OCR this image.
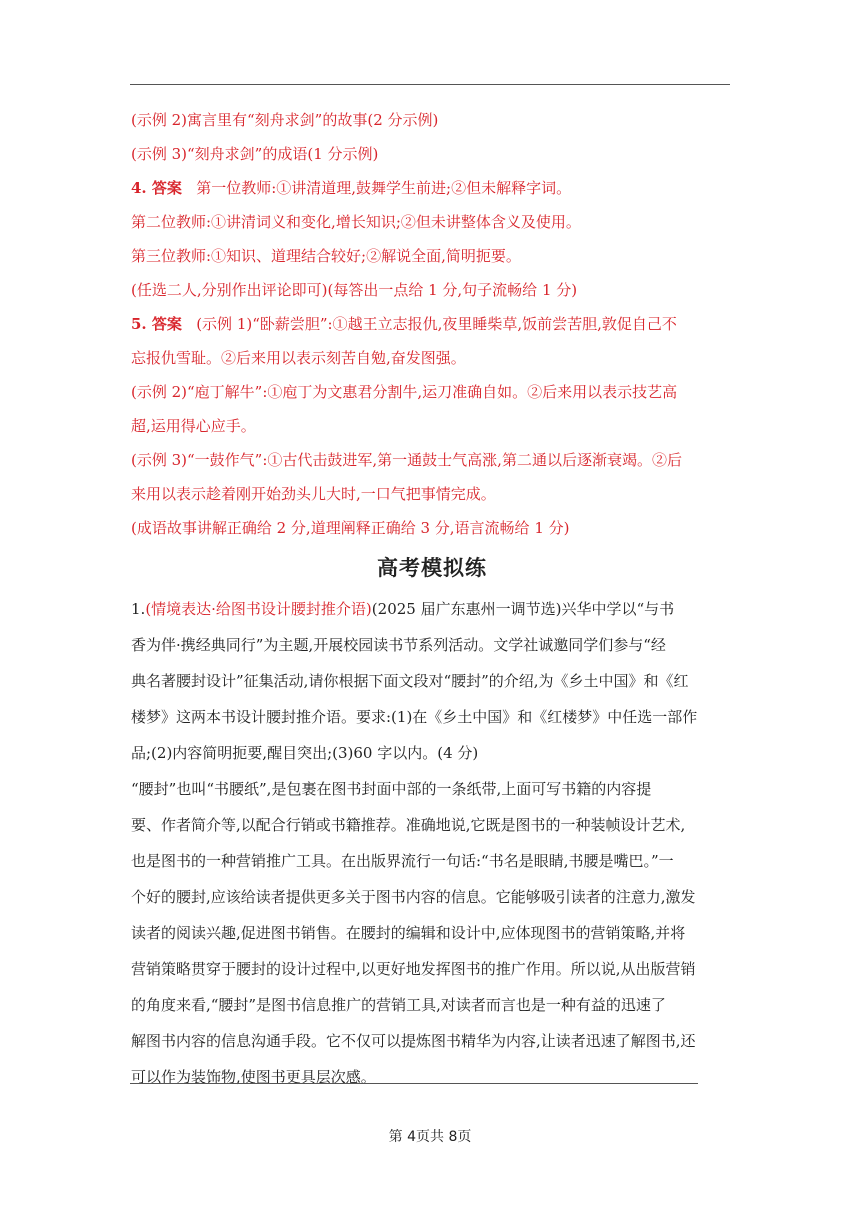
(示例 2)寓言里有“刻舟求剑”的故事(2 分示例)

(示例 3)“刻舟求剑”的成语(1 分示例)

4. 答案 第一位教师:①讲清道理,鼓舞学生前进;②但未解释字词。

第二位教师:①讲清词义和变化,增长知识;②但未讲整体含义及使用。

第三位教师:①知识、道理结合较好;②解说全面,简明扼要。

(任选二人,分别作出评论即可)(每答出一点给 1 分,句子流畅给 1 分)

5. 答案 (示例 1)“卧薪尝胆”:①越王立志报仇,夜里睡柴草,饭前尝苦胆,敦促自己不

忘报仇雪耻。②后来用以表示刻苦自勉,奋发图强。

(示例 2)“庖丁解牛”:①庖丁为文惠君分割牛,运刀准确自如。②后来用以表示技艺高

超,运用得心应手。

(示例 3)“一鼓作气”:①古代击鼓进军,第一通鼓士气高涨,第二通以后逐渐衰竭。②后

来用以表示趁着刚开始劲头儿大时,一口气把事情完成。

(成语故事讲解正确给 2 分,道理阐释正确给 3 分,语言流畅给 1 分)

高考模拟练
1.(情境表达·给图书设计腰封推介语)(2025 届广东惠州一调节选)兴华中学以“与书
香为伴·携经典同行”为主题,开展校园读书节系列活动。文学社诚邀同学们参与“经
典名著腰封设计”征集活动,请你根据下面文段对“腰封”的介绍,为《乡土中国》和《红
楼梦》这两本书设计腰封推介语。要求:(1)在《乡土中国》和《红楼梦》中任选一部作
品;(2)内容简明扼要,醒目突出;(3)60 字以内。(4 分)
“腰封”也叫“书腰纸”,是包裹在图书封面中部的一条纸带,上面可写书籍的内容提
要、作者简介等,以配合行销或书籍推荐。准确地说,它既是图书的一种装帧设计艺术,
也是图书的一种营销推广工具。在出版界流行一句话:“书名是眼睛,书腰是嘴巴。”一
个好的腰封,应该给读者提供更多关于图书内容的信息。它能够吸引读者的注意力,激发
读者的阅读兴趣,促进图书销售。在腰封的编辑和设计中,应体现图书的营销策略,并将
营销策略贯穿于腰封的设计过程中,以更好地发挥图书的推广作用。所以说,从出版营销
的角度来看,“腰封”是图书信息推广的营销工具,对读者而言也是一种有益的迅速了
解图书内容的信息沟通手段。它不仅可以提炼图书精华为内容,让读者迅速了解图书,还
可以作为装饰物,使图书更具层次感。
第 4页共 8页
